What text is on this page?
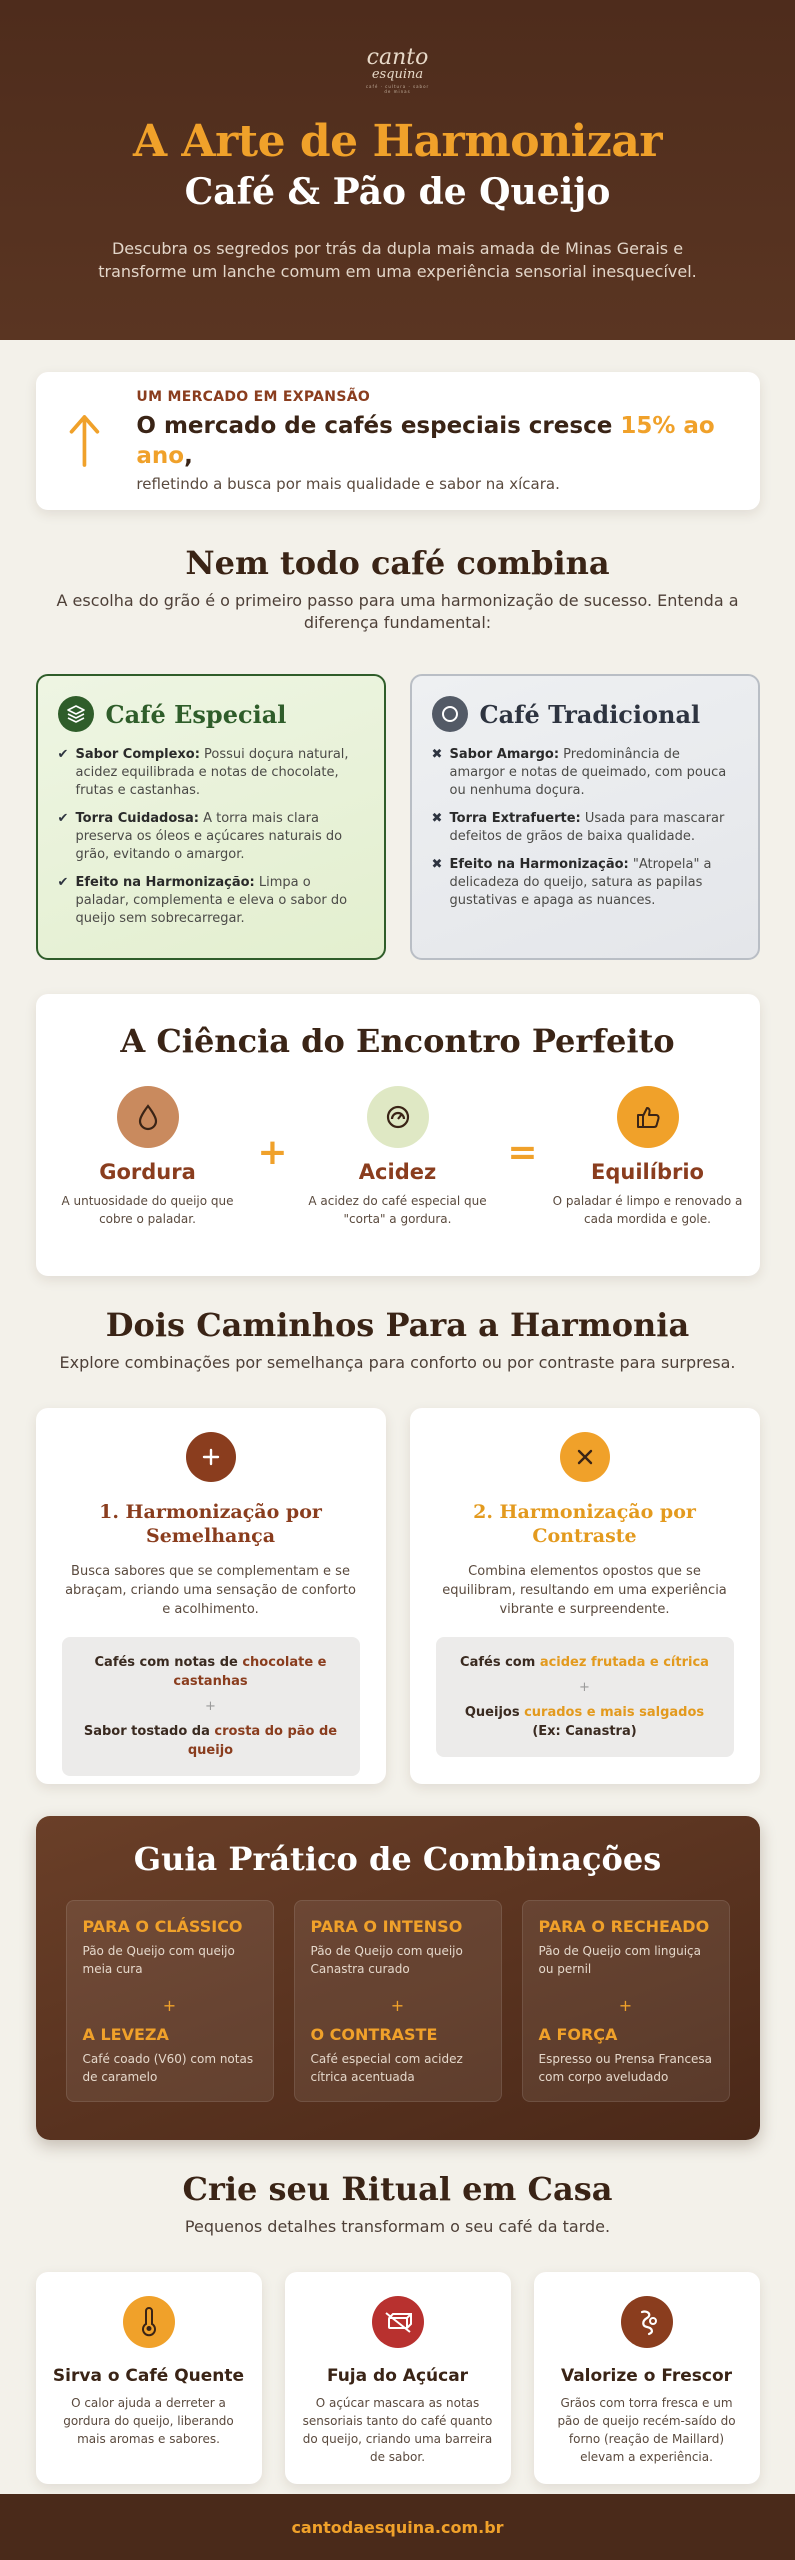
canto
esquina
café · cultura · sabor de minas
A Arte de Harmonizar
Café & Pão de Queijo

Descubra os segredos por trás da dupla mais amada de Minas Gerais e transforme um lanche comum em uma experiência sensorial inesquecível.

UM MERCADO EM EXPANSÃO
O mercado de cafés especiais cresce 15% ao ano,
refletindo a busca por mais qualidade e sabor na xícara.
Nem todo café combina
A escolha do grão é o primeiro passo para uma harmonização de sucesso. Entenda a diferença fundamental:
Café Especial
✔ Sabor Complexo: Possui doçura natural, acidez equilibrada e notas de chocolate, frutas e castanhas.
✔ Torra Cuidadosa: A torra mais clara preserva os óleos e açúcares naturais do grão, evitando o amargor.
✔ Efeito na Harmonização: Limpa o paladar, complementa e eleva o sabor do queijo sem sobrecarregar.
Café Tradicional
✖ Sabor Amargo: Predominância de amargor e notas de queimado, com pouca ou nenhuma doçura.
✖ Torra Extrafuerte: Usada para mascarar defeitos de grãos de baixa qualidade.
✖ Efeito na Harmonização: "Atropela" a delicadeza do queijo, satura as papilas gustativas e apaga as nuances.
A Ciência do Encontro Perfeito
Gordura
A untuosidade do queijo que cobre o paladar.
+	Acidez
A acidez do café especial que "corta" a gordura.
=	Equilíbrio
O paladar é limpo e renovado a cada mordida e gole.
Dois Caminhos Para a Harmonia
Explore combinações por semelhança para conforto ou por contraste para surpresa.
1. Harmonização por Semelhança
Busca sabores que se complementam e se abraçam, criando uma sensação de conforto e acolhimento.
Cafés com notas de chocolate e castanhas
+
Sabor tostado da crosta do pão de queijo
2. Harmonização por Contraste
Combina elementos opostos que se equilibram, resultando em uma experiência vibrante e surpreendente.
Cafés com acidez frutada e cítrica
+
Queijos curados e mais salgados
(Ex: Canastra)
Guia Prático de Combinações
PARA O CLÁSSICO
Pão de Queijo com queijo meia cura
+
A LEVEZA
Café coado (V60) com notas de caramelo
PARA O INTENSO
Pão de Queijo com queijo Canastra curado
+
O CONTRASTE
Café especial com acidez cítrica acentuada
PARA O RECHEADO
Pão de Queijo com linguiça ou pernil
+
A FORÇA
Espresso ou Prensa Francesa com corpo aveludado
Crie seu Ritual em Casa
Pequenos detalhes transformam o seu café da tarde.
Sirva o Café Quente
O calor ajuda a derreter a gordura do queijo, liberando mais aromas e sabores.
Fuja do Açúcar
O açúcar mascara as notas sensoriais tanto do café quanto do queijo, criando uma barreira de sabor.
Valorize o Frescor
Grãos com torra fresca e um pão de queijo recém-saído do forno (reação de Maillard) elevam a experiência.
cantodaesquina.com.br
